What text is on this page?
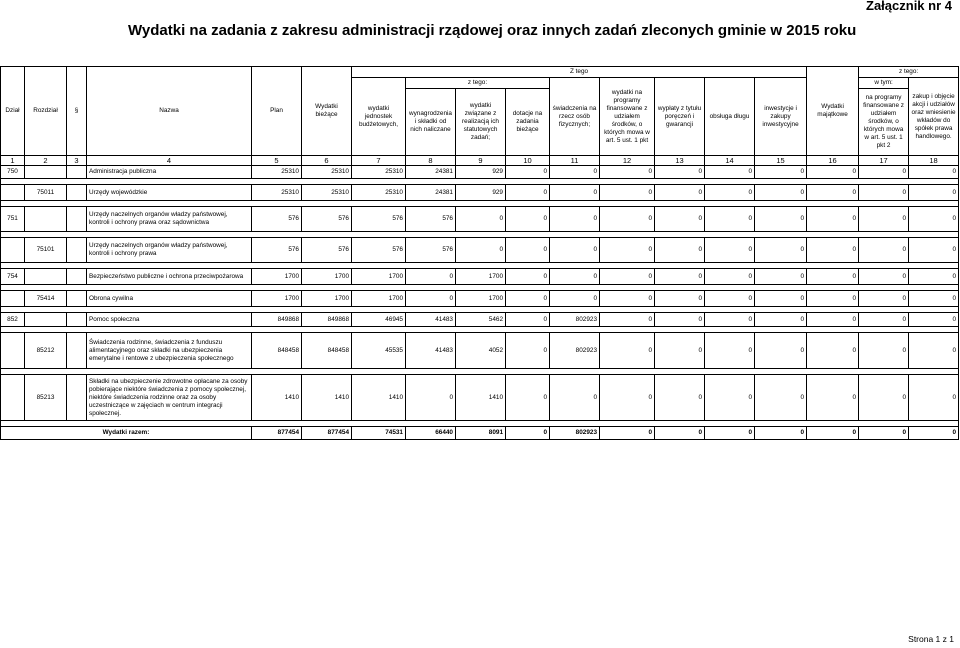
Załącznik nr 4
Wydatki na zadania z zakresu administracji rządowej oraz innych zadań zleconych gminie w 2015 roku
Dział	Rozdział	§	Nazwa	Plan	Wydatki bieżące	Z tego									Wydatki majątkowe	z tego:	
						wydatki jednostek budżetowych,	z tego:			świadczenia na rzecz osób fizycznych;	wydatki na programy finansowane z udziałem środków, o których mowa w art. 5 ust. 1 pkt	wypłaty z tytułu poręczeń i gwarancji	obsługa długu	inwestycje i zakupy inwestycyjne		w tym:	zakup i objęcie akcji i udziałów oraz wniesienie wkładów do spółek prawa handlowego.
							wynagrodzenia i składki od nich naliczane	wydatki związane z realizacją ich statutowych zadań;	dotacje na zadania bieżące							na programy finansowane z udziałem środków, o których mowa w art. 5 ust. 1 pkt 2	

1	2	3	4	5	6	7	8	9	10	11	12	13	14	15	16	17	18
750			Administracja publiczna	25310	25310	25310	24381	929	0	0	0	0	0	0	0	0	0

	75011		Urzędy wojewódzkie	25310	25310	25310	24381	929	0	0	0	0	0	0	0	0	0

751			Urzędy naczelnych organów władzy państwowej, kontroli i ochrony prawa oraz sądownictwa	576	576	576	576	0	0	0	0	0	0	0	0	0	0

	75101		Urzędy naczelnych organów władzy państwowej, kontroli i ochrony prawa	576	576	576	576	0	0	0	0	0	0	0	0	0	0

754			Bezpieczeństwo publiczne i ochrona przeciwpożarowa	1700	1700	1700	0	1700	0	0	0	0	0	0	0	0	0

	75414		Obrona cywilna	1700	1700	1700	0	1700	0	0	0	0	0	0	0	0	0

852			Pomoc społeczna	849868	849868	46945	41483	5462	0	802923	0	0	0	0	0	0	0

	85212		Świadczenia rodzinne, świadczenia z funduszu alimentacyjnego oraz składki na ubezpieczenia emerytalne i rentowe z ubezpieczenia społecznego	848458	848458	45535	41483	4052	0	802923	0	0	0	0	0	0	0

	85213		Składki na ubezpieczenie zdrowotne opłacane za osoby pobierające niektóre świadczenia z pomocy społecznej, niektóre świadczenia rodzinne oraz za osoby uczestniczące w zajęciach w centrum integracji społecznej.	1410	1410	1410	0	1410	0	0	0	0	0	0	0	0	0

Wydatki razem:				877454	877454	74531	66440	8091	0	802923	0	0	0	0	0	0	0
Strona 1 z 1
